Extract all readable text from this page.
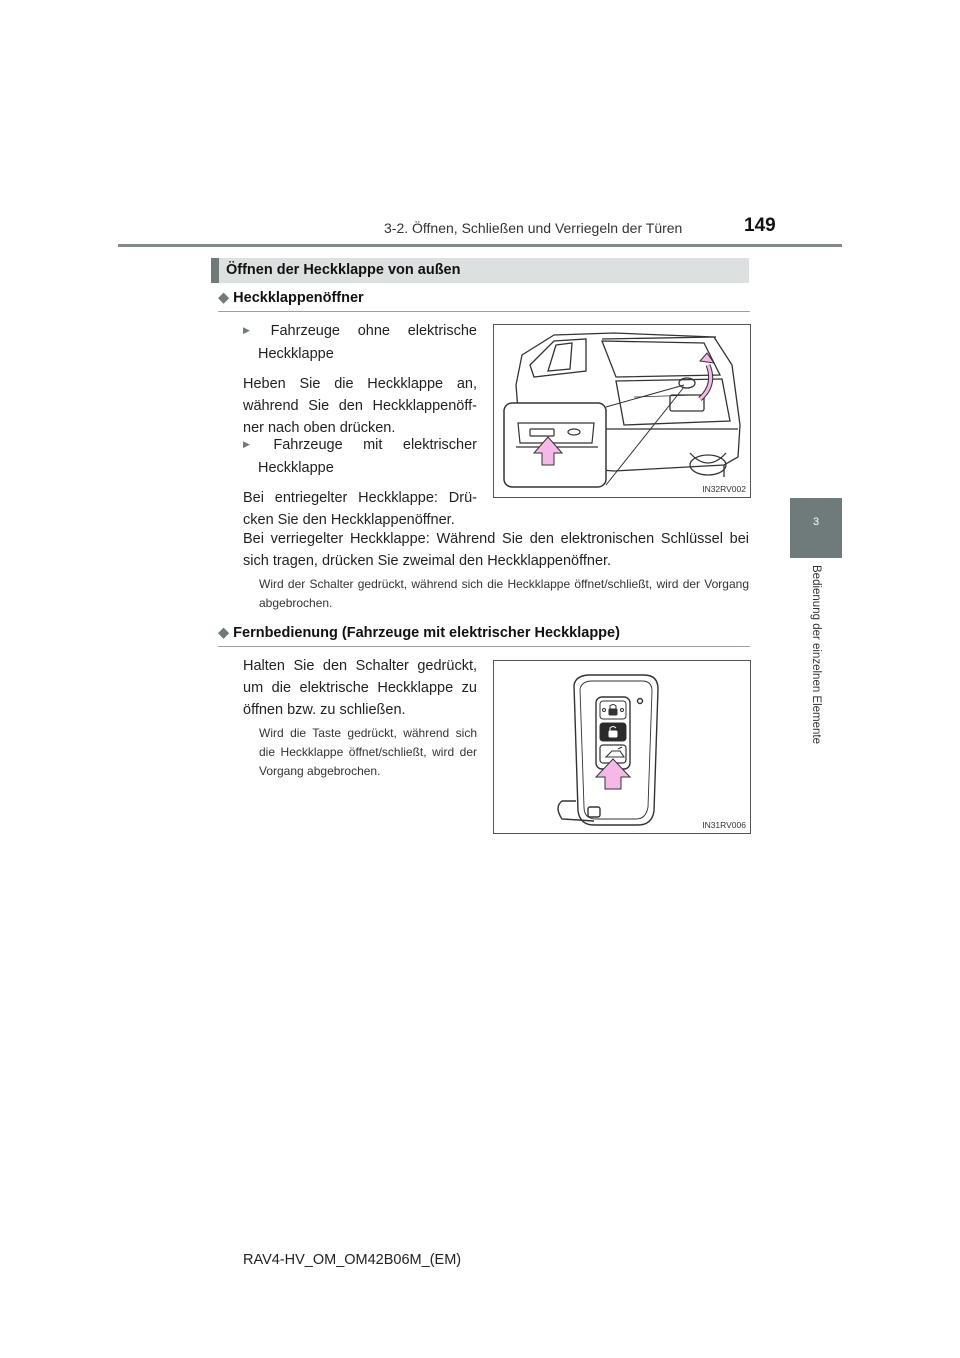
3-2. Öffnen, Schließen und Verriegeln der Türen	149
3
Bedienung der einzelnen Elemente
Öffnen der Heckklappe von außen
◆ Heckklappenöffner
▶ Fahrzeuge ohne elektrische Heckklappe
Heben Sie die Heckklappe an, während Sie den Heckklappenöff-ner nach oben drücken.
▶ Fahrzeuge mit elektrischer Heckklappe
Bei entriegelter Heckklappe: Drü-cken Sie den Heckklappenöffner.
IN32RV002
Bei verriegelter Heckklappe: Während Sie den elektronischen Schlüssel bei sich tragen, drücken Sie zweimal den Heckklappenöffner.
Wird der Schalter gedrückt, während sich die Heckklappe öffnet/schließt, wird der Vorgang abgebrochen.
◆ Fernbedienung (Fahrzeuge mit elektrischer Heckklappe)
Halten Sie den Schalter gedrückt, um die elektrische Heckklappe zu öffnen bzw. zu schließen.
Wird die Taste gedrückt, während sich die Heckklappe öffnet/schließt, wird der Vorgang abgebrochen.
IN31RV006
RAV4-HV_OM_OM42B06M_(EM)
